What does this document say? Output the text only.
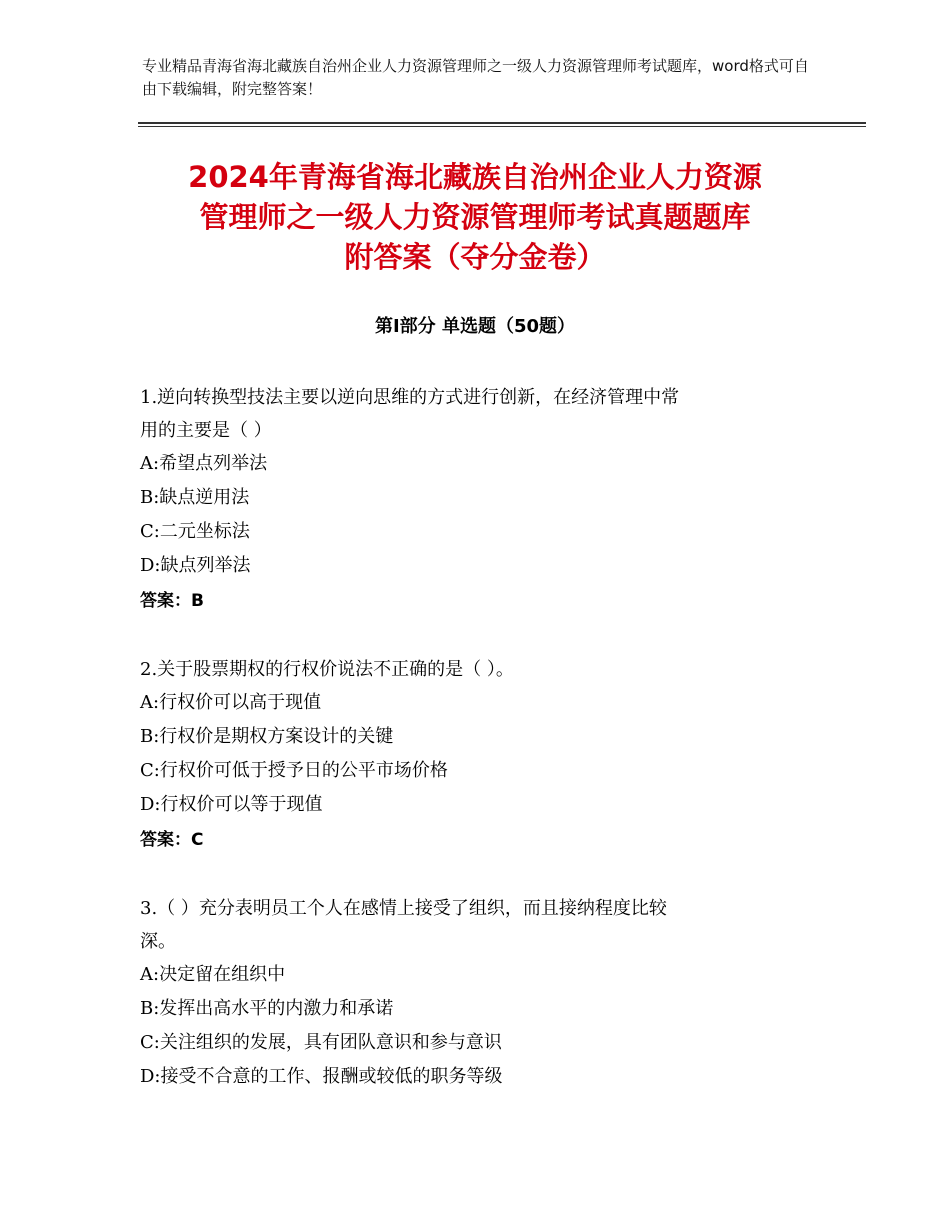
专业精品青海省海北藏族自治州企业人力资源管理师之一级人力资源管理师考试题库，word格式可自由下载编辑，附完整答案！
2024年青海省海北藏族自治州企业人力资源
管理师之一级人力资源管理师考试真题题库
附答案（夺分金卷）
第Ⅰ部分 单选题（50题）

1.逆向转换型技法主要以逆向思维的方式进行创新，在经济管理中常

用的主要是（ ）

A:希望点列举法

B:缺点逆用法

C:二元坐标法

D:缺点列举法

答案：B

2.关于股票期权的行权价说法不正确的是（ ）。

A:行权价可以高于现值

B:行权价是期权方案设计的关键

C:行权价可低于授予日的公平市场价格

D:行权价可以等于现值

答案：C

3.（ ）充分表明员工个人在感情上接受了组织，而且接纳程度比较

深。

A:决定留在组织中

B:发挥出高水平的内激力和承诺

C:关注组织的发展，具有团队意识和参与意识

D:接受不合意的工作、报酬或较低的职务等级
